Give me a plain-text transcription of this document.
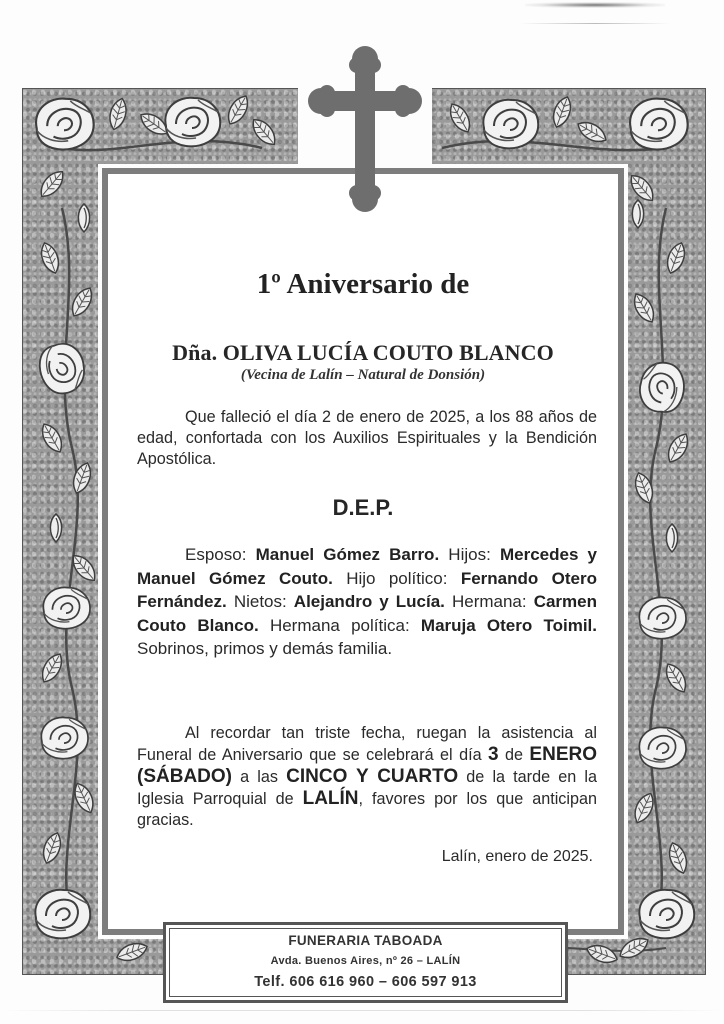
1º Aniversario de
Dña. OLIVA LUCÍA COUTO BLANCO
(Vecina de Lalín – Natural de Donsión)
Que falleció el día 2 de enero de 2025, a los 88 años de edad, confortada con los Auxilios Espirituales y la Bendición Apostólica.
D.E.P.
Esposo: Manuel Gómez Barro. Hijos: Mercedes y Manuel Gómez Couto. Hijo político: Fernando Otero Fernández. Nietos: Alejandro y Lucía. Hermana: Carmen Couto Blanco. Hermana política: Maruja Otero Toimil. Sobrinos, primos y demás familia.
Al recordar tan triste fecha, ruegan la asistencia al Funeral de Aniversario que se celebrará el día 3 de ENERO (SÁBADO) a las CINCO Y CUARTO de la tarde en la Iglesia Parroquial de LALÍN, favores por los que anticipan gracias.
Lalín, enero de 2025.
FUNERARIA TABOADA
Avda. Buenos Aires, nº 26 – LALÍN
Telf. 606 616 960 – 606 597 913
